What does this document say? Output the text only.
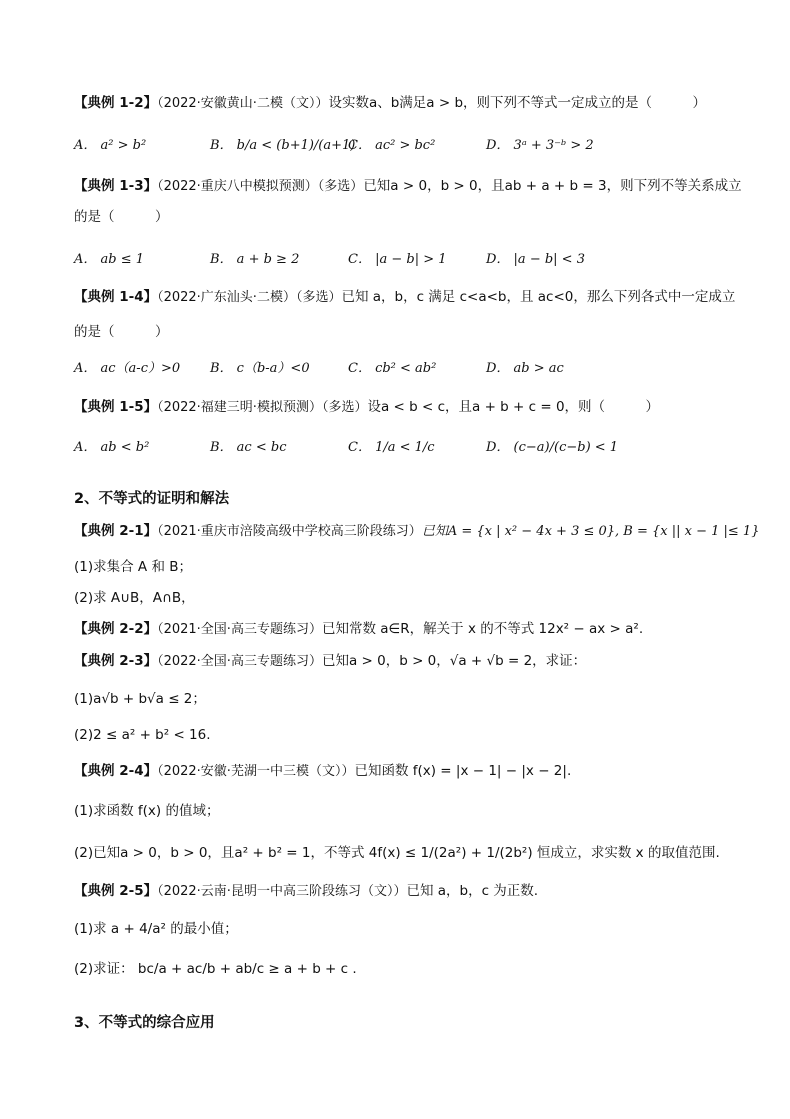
【典例 1-2】（2022·安徽黄山·二模（文））设实数a、b满足a > b，则下列不等式一定成立的是（　　　）
A． a² > b²	B． b/a < (b+1)/(a+1)
C． ac² > bc²	D． 3ᵃ + 3⁻ᵇ > 2
【典例 1-3】（2022·重庆八中模拟预测）（多选）已知a > 0，b > 0，且ab + a + b = 3，则下列不等关系成立
的是（　　　）
A． ab ≤ 1	B． a + b ≥ 2	C． |a − b| > 1	D． |a − b| < 3
【典例 1-4】（2022·广东汕头·二模）（多选）已知 a，b，c 满足 c<a<b，且 ac<0，那么下列各式中一定成立
的是（　　　）
A． ac（a-c）>0 B． c（b-a）<0	C． cb² < ab²	D． ab > ac
【典例 1-5】（2022·福建三明·模拟预测）（多选）设a < b < c，且a + b + c = 0，则（　　　）
A． ab < b²	B． ac < bc	C． 1/a < 1/c	D． (c−a)/(c−b) < 1
2、不等式的证明和解法
【典例 2-1】（2021·重庆市涪陵高级中学校高三阶段练习）已知A = {x | x² − 4x + 3 ≤ 0}, B = {x || x − 1 |≤ 1}
(1)求集合 A 和 B；
(2)求 A∪B，A∩B，
【典例 2-2】（2021·全国·高三专题练习）已知常数 a∈R，解关于 x 的不等式 12x² − ax > a².
【典例 2-3】（2022·全国·高三专题练习）已知a > 0，b > 0，√a + √b = 2，求证：
(1)a√b + b√a ≤ 2；
(2)2 ≤ a² + b² < 16.
【典例 2-4】（2022·安徽·芜湖一中三模（文））已知函数 f(x) = |x − 1| − |x − 2|.
(1)求函数 f(x) 的值域；
(2)已知a > 0，b > 0，且a² + b² = 1，不等式 4f(x) ≤ 1/(2a²) + 1/(2b²) 恒成立，求实数 x 的取值范围.
【典例 2-5】（2022·云南·昆明一中高三阶段练习（文））已知 a，b，c 为正数.
(1)求 a + 4/a² 的最小值；
(2)求证： bc/a + ac/b + ab/c ≥ a + b + c .
3、不等式的综合应用
